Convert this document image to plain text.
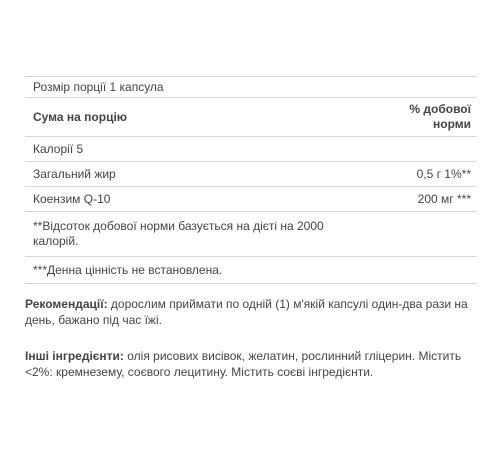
Розмір порції 1 капсула	
Сума на порцію	% добової норми
Калорії 5	
Загальний жир	0,5 г 1%**
Коензим Q-10	200 мг ***

**Відсоток добової норми базується на дієті на 2000 калорій.	

***Денна цінність не встановлена.	
Рекомендації: дорослим приймати по одній (1) м'якій капсулі один-два рази на день, бажано під час їжі.
Інші інгредієнти: олія рисових висівок, желатин, рослинний гліцерин. Містить <2%: кремнезему, соєвого лецитину. Містить соєві інгредієнти.
